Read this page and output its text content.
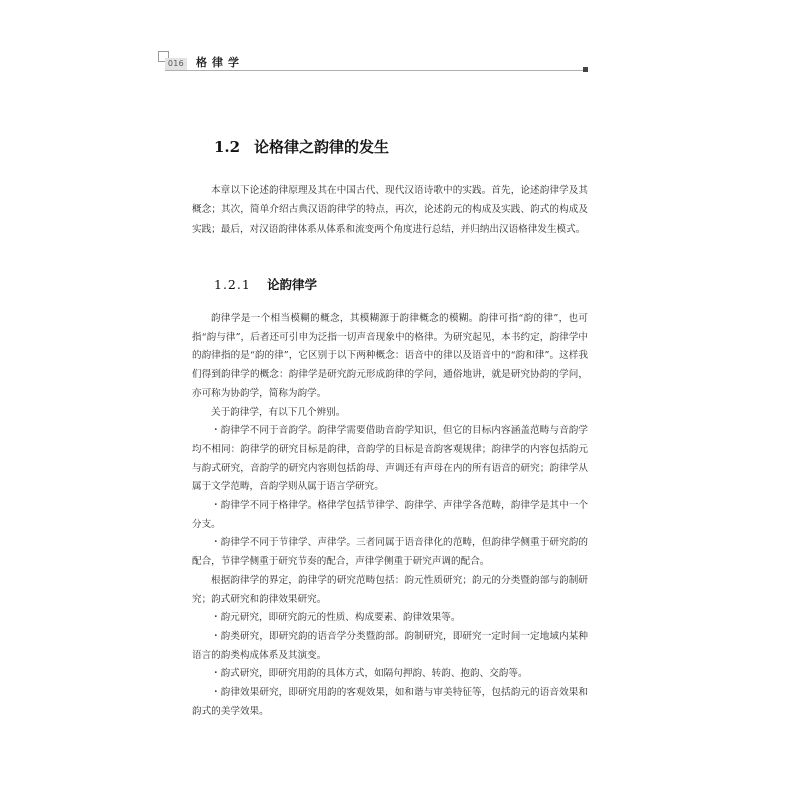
016 格律学
1.2 论格律之韵律的发生
本章以下论述韵律原理及其在中国古代、现代汉语诗歌中的实践。首先，论述韵律学及其概念；其次，简单介绍古典汉语韵律学的特点，再次，论述韵元的构成及实践、韵式的构成及实践；最后，对汉语韵律体系从体系和流变两个角度进行总结，并归纳出汉语格律发生模式。
1.2.1 论韵律学

韵律学是一个相当模糊的概念，其模糊源于韵律概念的模糊。韵律可指“韵的律”，也可指“韵与律”，后者还可引申为泛指一切声音现象中的格律。为研究起见，本书约定，韵律学中的韵律指的是“韵的律”，它区别于以下两种概念：语音中的律以及语音中的“韵和律”。这样我们得到韵律学的概念：韵律学是研究韵元形成韵律的学问，通俗地讲，就是研究协韵的学问，亦可称为协韵学，简称为韵学。

关于韵律学，有以下几个辨别。

・韵律学不同于音韵学。韵律学需要借助音韵学知识，但它的目标内容涵盖范畴与音韵学均不相同：韵律学的研究目标是韵律，音韵学的目标是音韵客观规律；韵律学的内容包括韵元与韵式研究，音韵学的研究内容则包括韵母、声调还有声母在内的所有语音的研究；韵律学从属于文学范畴，音韵学则从属于语言学研究。

・韵律学不同于格律学。格律学包括节律学、韵律学、声律学各范畴，韵律学是其中一个分支。

・韵律学不同于节律学、声律学。三者同属于语音律化的范畴，但韵律学侧重于研究韵的配合，节律学侧重于研究节奏的配合，声律学侧重于研究声调的配合。

根据韵律学的界定，韵律学的研究范畴包括：韵元性质研究；韵元的分类暨韵部与韵制研究；韵式研究和韵律效果研究。

・韵元研究，即研究韵元的性质、构成要素、韵律效果等。

・韵类研究，即研究韵的语音学分类暨韵部。韵制研究，即研究一定时间一定地域内某种语言的韵类构成体系及其演变。

・韵式研究，即研究用韵的具体方式，如隔句押韵、转韵、抱韵、交韵等。

・韵律效果研究，即研究用韵的客观效果，如和谐与审美特征等，包括韵元的语音效果和韵式的美学效果。
